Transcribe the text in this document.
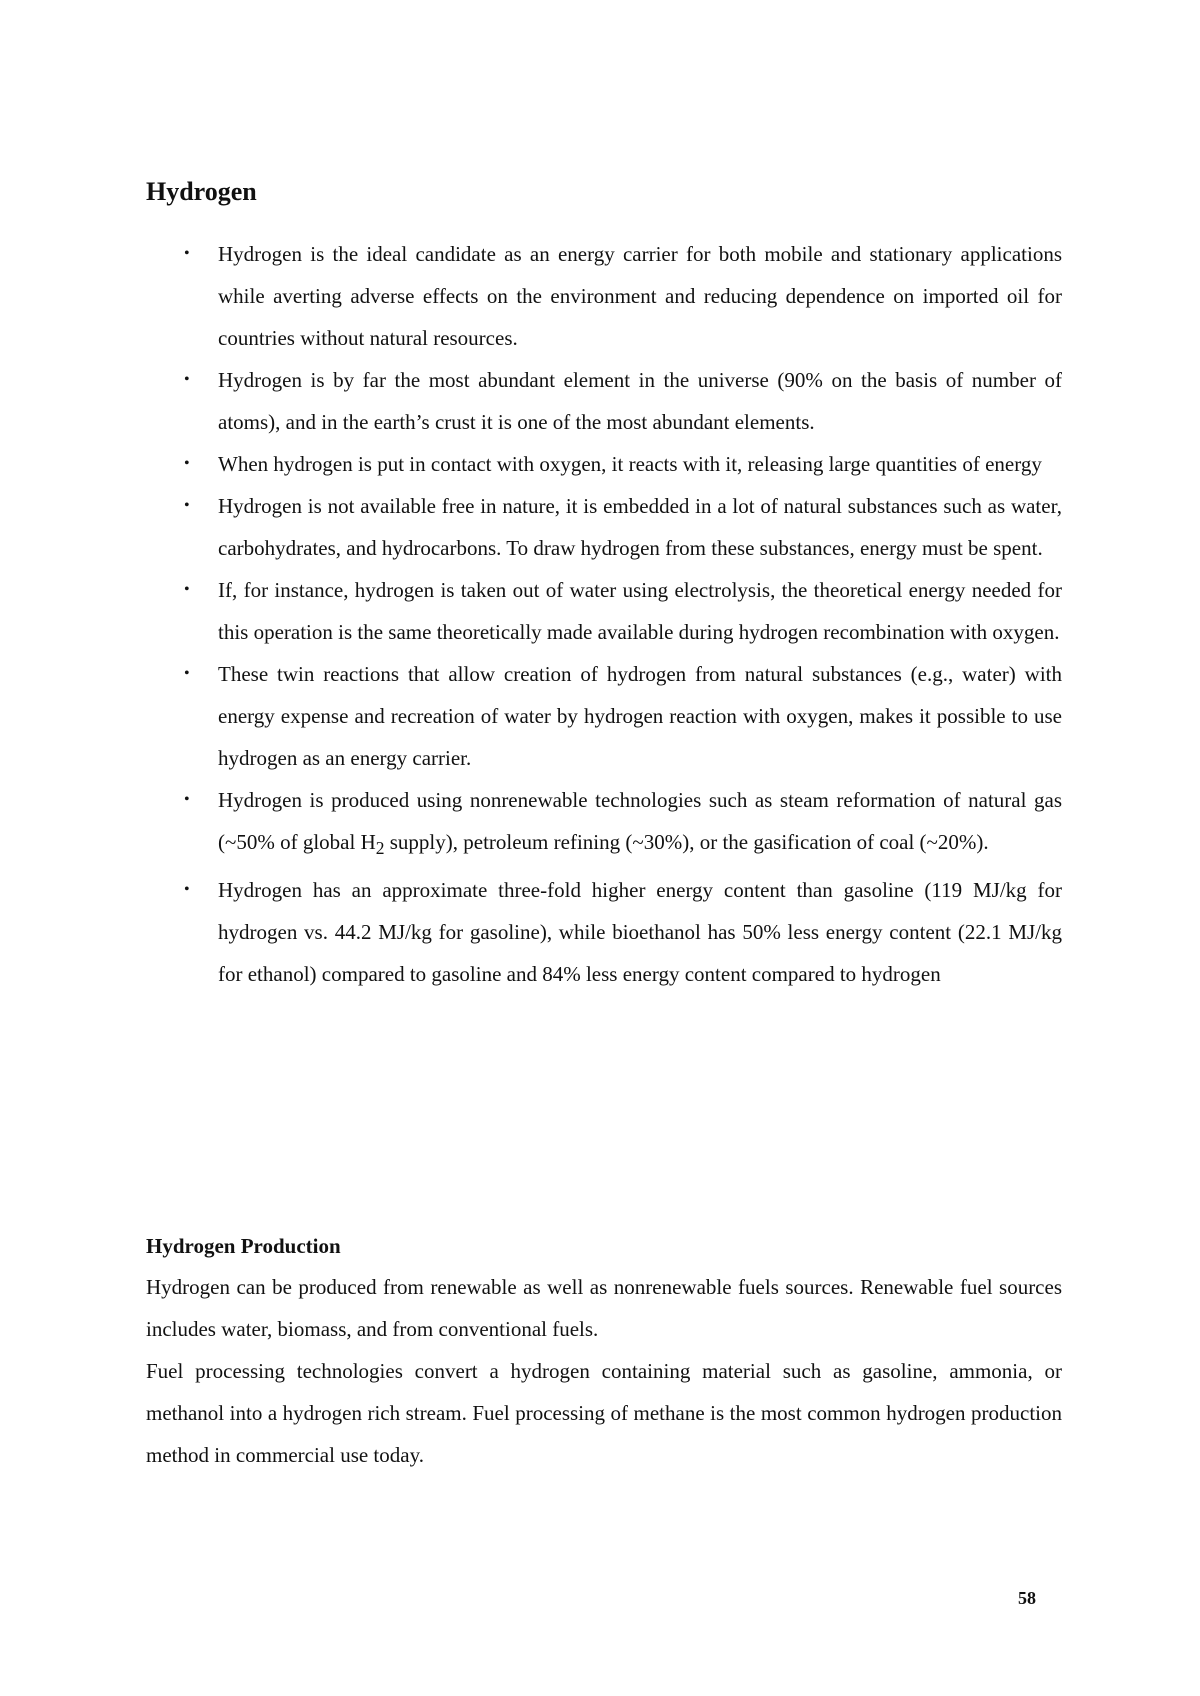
Hydrogen
•	Hydrogen is the ideal candidate as an energy carrier for both mobile and stationary applications while averting adverse effects on the environment and reducing dependence on imported oil for countries without natural resources.
•	Hydrogen is by far the most abundant element in the universe (90% on the basis of number of atoms), and in the earth’s crust it is one of the most abundant elements.
•	When hydrogen is put in contact with oxygen, it reacts with it, releasing large quantities of energy
•	Hydrogen is not available free in nature, it is embedded in a lot of natural substances such as water, carbohydrates, and hydrocarbons. To draw hydrogen from these substances, energy must be spent.
•	If, for instance, hydrogen is taken out of water using electrolysis, the theoretical energy needed for this operation is the same theoretically made available during hydrogen recombination with oxygen.
•	These twin reactions that allow creation of hydrogen from natural substances (e.g., water) with energy expense and recreation of water by hydrogen reaction with oxygen, makes it possible to use hydrogen as an energy carrier.
•	Hydrogen is produced using nonrenewable technologies such as steam reformation of natural gas (~50% of global $H_2$ supply), petroleum refining (~30%), or the gasification of coal (~20%).
•	Hydrogen has an approximate three-fold higher energy content than gasoline (119 MJ/kg for hydrogen vs. 44.2 MJ/kg for gasoline), while bioethanol has 50% less energy content (22.1 MJ/kg for ethanol) compared to gasoline and 84% less energy content compared to hydrogen
Hydrogen Production

Hydrogen can be produced from renewable as well as nonrenewable fuels sources. Renewable fuel sources includes water, biomass, and from conventional fuels.

Fuel processing technologies convert a hydrogen containing material such as gasoline, ammonia, or methanol into a hydrogen rich stream. Fuel processing of methane is the most common hydrogen production method in commercial use today.

58
